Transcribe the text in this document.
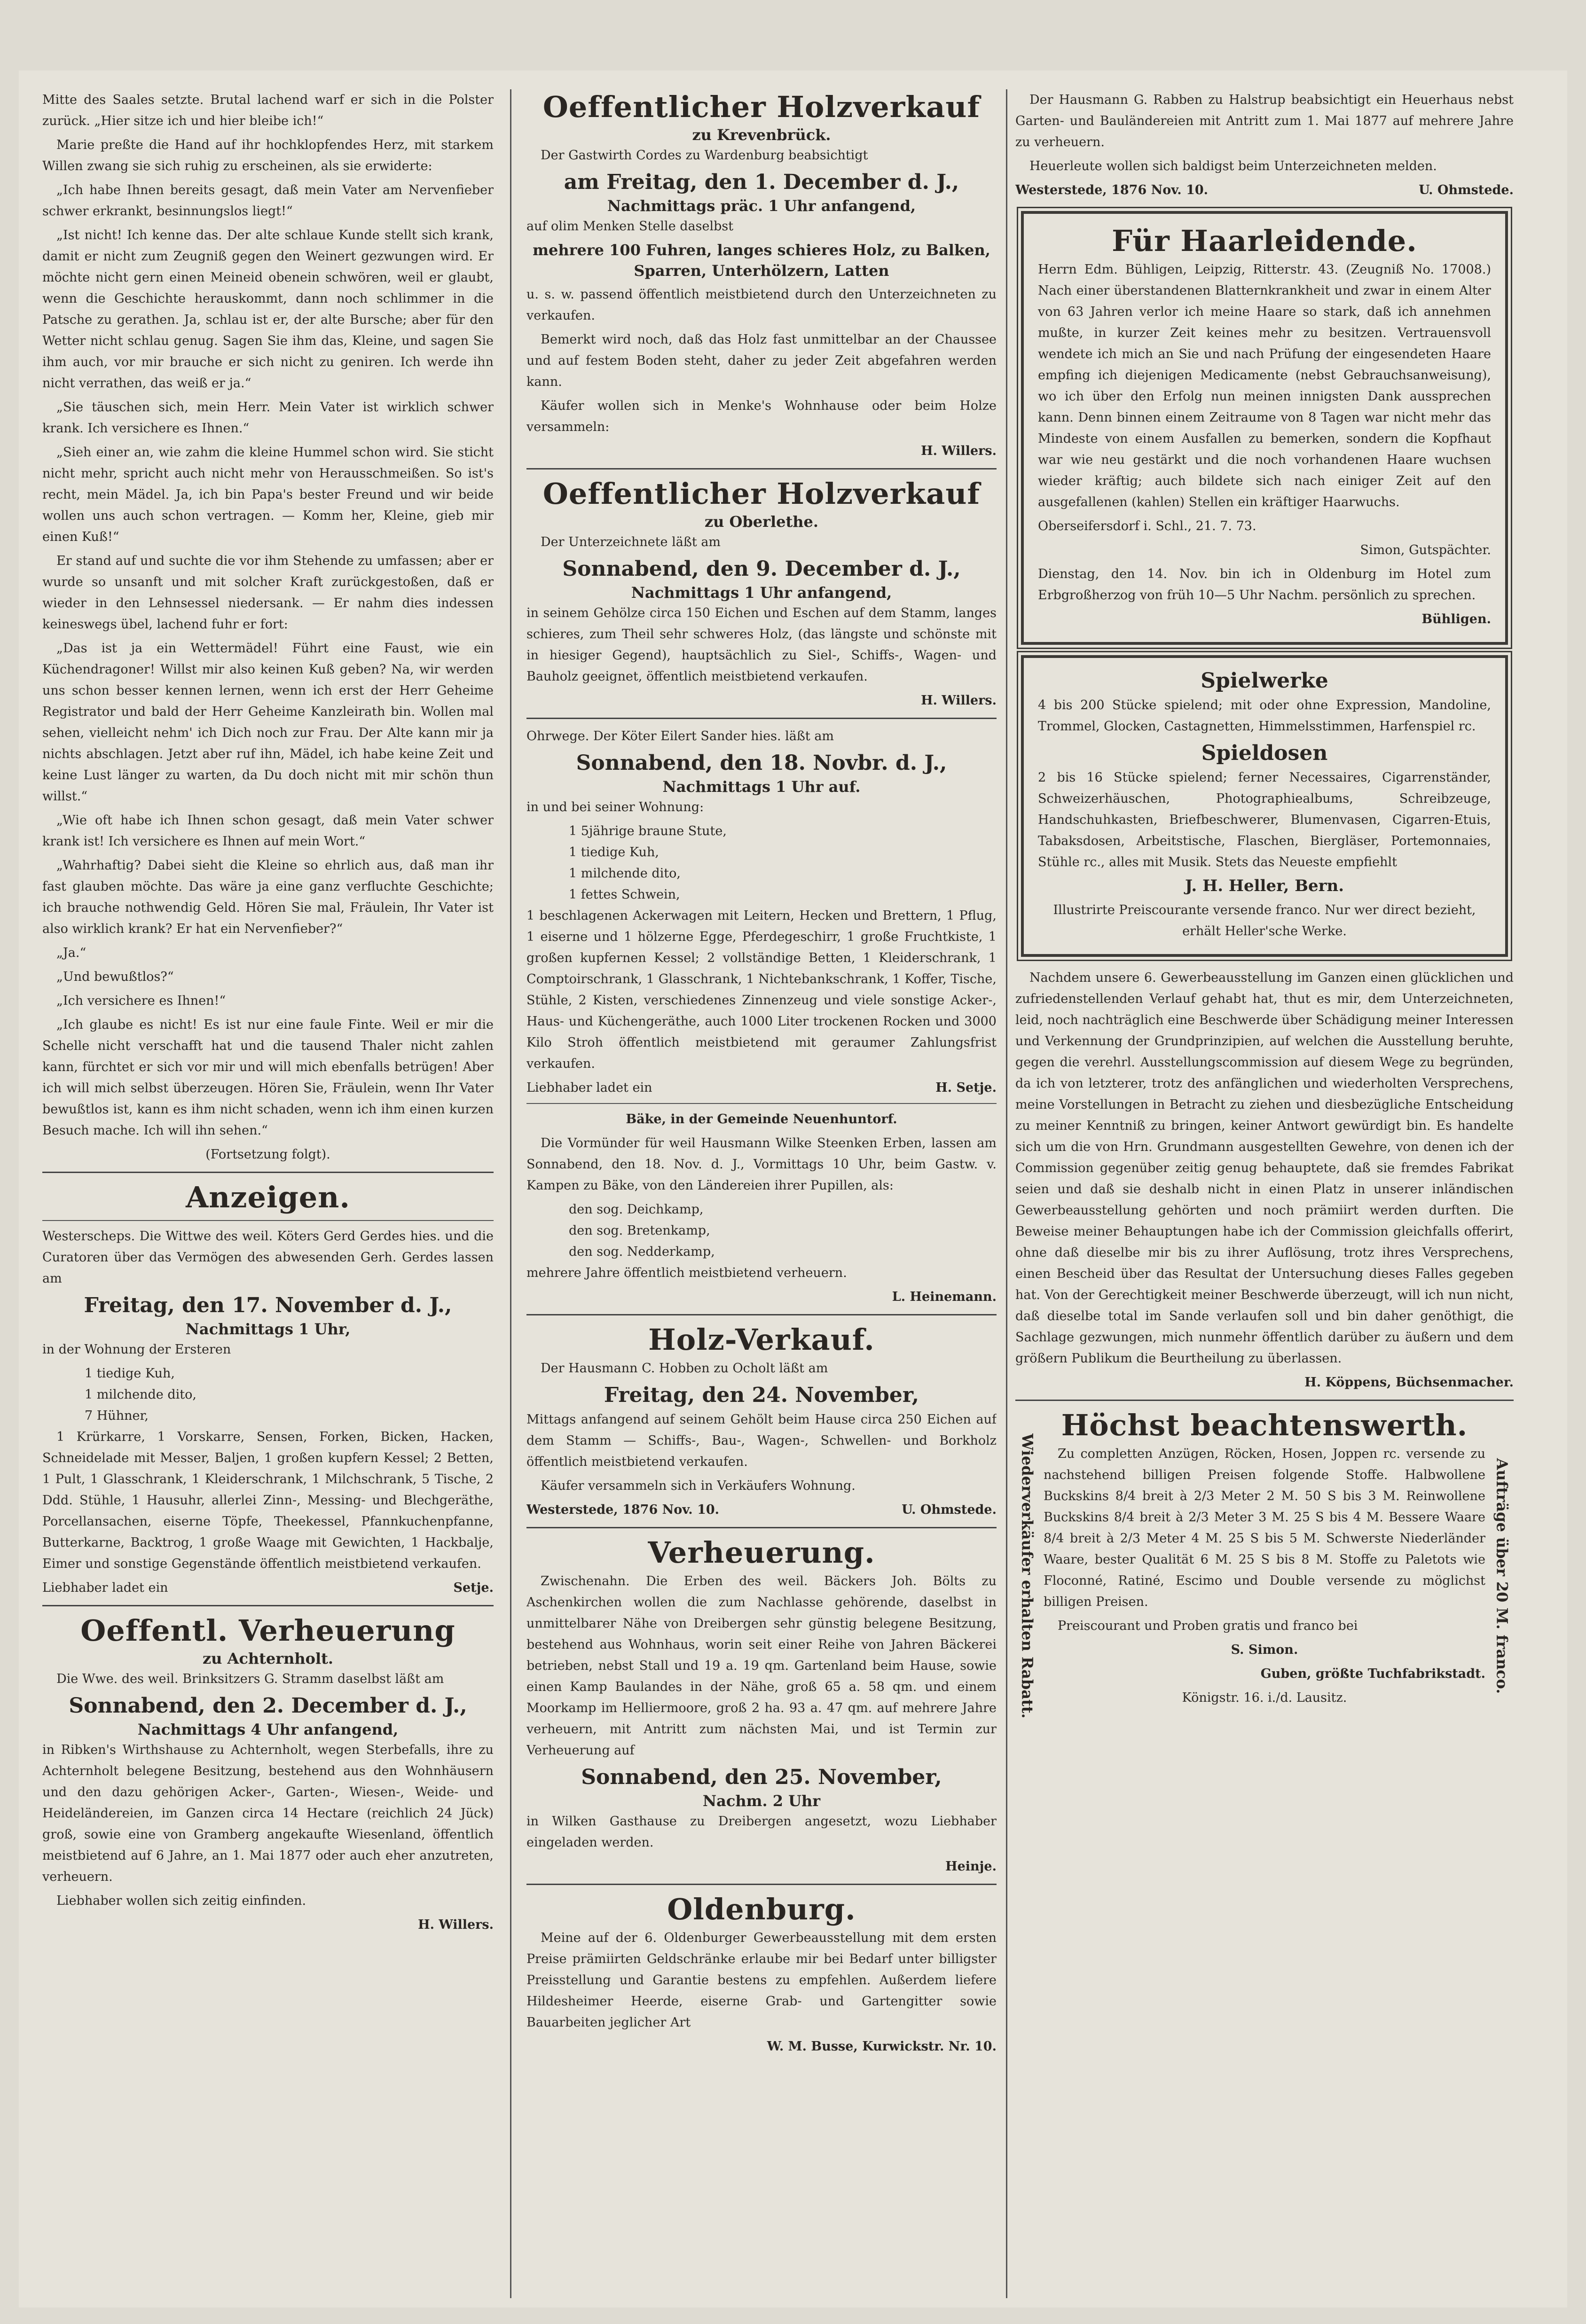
Mitte des Saales setzte. Brutal lachend warf er sich in die Polster zurück. „Hier sitze ich und hier bleibe ich!“

Marie preßte die Hand auf ihr hochklopfendes Herz, mit starkem Willen zwang sie sich ruhig zu erscheinen, als sie erwiderte:

„Ich habe Ihnen bereits gesagt, daß mein Vater am Nervenfieber schwer erkrankt, besinnungslos liegt!“

„Ist nicht! Ich kenne das. Der alte schlaue Kunde stellt sich krank, damit er nicht zum Zeugniß gegen den Weinert gezwungen wird. Er möchte nicht gern einen Meineid obenein schwören, weil er glaubt, wenn die Geschichte herauskommt, dann noch schlimmer in die Patsche zu gerathen. Ja, schlau ist er, der alte Bursche; aber für den Wetter nicht schlau genug. Sagen Sie ihm das, Kleine, und sagen Sie ihm auch, vor mir brauche er sich nicht zu geniren. Ich werde ihn nicht verrathen, das weiß er ja.“

„Sie täuschen sich, mein Herr. Mein Vater ist wirklich schwer krank. Ich versichere es Ihnen.“

„Sieh einer an, wie zahm die kleine Hummel schon wird. Sie sticht nicht mehr, spricht auch nicht mehr von Herausschmeißen. So ist's recht, mein Mädel. Ja, ich bin Papa's bester Freund und wir beide wollen uns auch schon vertragen. — Komm her, Kleine, gieb mir einen Kuß!“

Er stand auf und suchte die vor ihm Stehende zu umfassen; aber er wurde so unsanft und mit solcher Kraft zurückgestoßen, daß er wieder in den Lehnsessel niedersank. — Er nahm dies indessen keineswegs übel, lachend fuhr er fort:

„Das ist ja ein Wettermädel! Führt eine Faust, wie ein Küchendragoner! Willst mir also keinen Kuß geben? Na, wir werden uns schon besser kennen lernen, wenn ich erst der Herr Geheime Registrator und bald der Herr Geheime Kanzleirath bin. Wollen mal sehen, vielleicht nehm' ich Dich noch zur Frau. Der Alte kann mir ja nichts abschlagen. Jetzt aber ruf ihn, Mädel, ich habe keine Zeit und keine Lust länger zu warten, da Du doch nicht mit mir schön thun willst.“

„Wie oft habe ich Ihnen schon gesagt, daß mein Vater schwer krank ist! Ich versichere es Ihnen auf mein Wort.“

„Wahrhaftig? Dabei sieht die Kleine so ehrlich aus, daß man ihr fast glauben möchte. Das wäre ja eine ganz verfluchte Geschichte; ich brauche nothwendig Geld. Hören Sie mal, Fräulein, Ihr Vater ist also wirklich krank? Er hat ein Nervenfieber?“

„Ja.“

„Und bewußtlos?“

„Ich versichere es Ihnen!“

„Ich glaube es nicht! Es ist nur eine faule Finte. Weil er mir die Schelle nicht verschafft hat und die tausend Thaler nicht zahlen kann, fürchtet er sich vor mir und will mich ebenfalls betrügen! Aber ich will mich selbst überzeugen. Hören Sie, Fräulein, wenn Ihr Vater bewußtlos ist, kann es ihm nicht schaden, wenn ich ihm einen kurzen Besuch mache. Ich will ihn sehen.“

(Fortsetzung folgt).

Anzeigen.

Westerscheps. Die Wittwe des weil. Köters Gerd Gerdes hies. und die Curatoren über das Vermögen des abwesenden Gerh. Gerdes lassen am

Freitag, den 17. November d. J.,
Nachmittags 1 Uhr,

in der Wohnung der Ersteren

1 tiedige Kuh,

1 milchende dito,

7 Hühner,

1 Krürkarre, 1 Vorskarre, Sensen, Forken, Bicken, Hacken, Schneidelade mit Messer, Baljen, 1 großen kupfern Kessel; 2 Betten, 1 Pult, 1 Glasschrank, 1 Kleiderschrank, 1 Milchschrank, 5 Tische, 2 Ddd. Stühle, 1 Hausuhr, allerlei Zinn-, Messing- und Blechgeräthe, Porcellansachen, eiserne Töpfe, Theekessel, Pfannkuchenpfanne, Butterkarne, Backtrog, 1 große Waage mit Gewichten, 1 Hackbalje, Eimer und sonstige Gegenstände öffentlich meistbietend verkaufen.

Liebhaber ladet ein	Setje.

Oeffentl. Verheuerung
zu Achternholt.

Die Wwe. des weil. Brinksitzers G. Stramm daselbst läßt am

Sonnabend, den 2. December d. J.,
Nachmittags 4 Uhr anfangend,

in Ribken's Wirthshause zu Achternholt, wegen Sterbefalls, ihre zu Achternholt belegene Besitzung, bestehend aus den Wohnhäusern und den dazu gehörigen Acker-, Garten-, Wiesen-, Weide- und Heideländereien, im Ganzen circa 14 Hectare (reichlich 24 Jück) groß, sowie eine von Gramberg angekaufte Wiesenland, öffentlich meistbietend auf 6 Jahre, an 1. Mai 1877 oder auch eher anzutreten, verheuern.

Liebhaber wollen sich zeitig einfinden.

H. Willers.

Oeffentlicher Holzverkauf
zu Krevenbrück.

Der Gastwirth Cordes zu Wardenburg beabsichtigt

am Freitag, den 1. December d. J.,
Nachmittags präc. 1 Uhr anfangend,

auf olim Menken Stelle daselbst

mehrere 100 Fuhren, langes schieres Holz, zu Balken, Sparren, Unterhölzern, Latten

u. s. w. passend öffentlich meistbietend durch den Unterzeichneten zu verkaufen.

Bemerkt wird noch, daß das Holz fast unmittelbar an der Chaussee und auf festem Boden steht, daher zu jeder Zeit abgefahren werden kann.

Käufer wollen sich in Menke's Wohnhause oder beim Holze versammeln:

H. Willers.

Oeffentlicher Holzverkauf
zu Oberlethe.

Der Unterzeichnete läßt am

Sonnabend, den 9. December d. J.,
Nachmittags 1 Uhr anfangend,

in seinem Gehölze circa 150 Eichen und Eschen auf dem Stamm, langes schieres, zum Theil sehr schweres Holz, (das längste und schönste mit in hiesiger Gegend), hauptsächlich zu Siel-, Schiffs-, Wagen- und Bauholz geeignet, öffentlich meistbietend verkaufen.

H. Willers.

Ohrwege. Der Köter Eilert Sander hies. läßt am

Sonnabend, den 18. Novbr. d. J.,
Nachmittags 1 Uhr auf.

in und bei seiner Wohnung:

1 5jährige braune Stute,

1 tiedige Kuh,

1 milchende dito,

1 fettes Schwein,

1 beschlagenen Ackerwagen mit Leitern, Hecken und Brettern, 1 Pflug, 1 eiserne und 1 hölzerne Egge, Pferdegeschirr, 1 große Fruchtkiste, 1 großen kupfernen Kessel; 2 vollständige Betten, 1 Kleiderschrank, 1 Comptoirschrank, 1 Glasschrank, 1 Nichtebankschrank, 1 Koffer, Tische, Stühle, 2 Kisten, verschiedenes Zinnenzeug und viele sonstige Acker-, Haus- und Küchengeräthe, auch 1000 Liter trockenen Rocken und 3000 Kilo Stroh öffentlich meistbietend mit geraumer Zahlungsfrist verkaufen.

Liebhaber ladet ein	H. Setje.

Bäke, in der Gemeinde Neuenhuntorf.

Die Vormünder für weil Hausmann Wilke Steenken Erben, lassen am Sonnabend, den 18. Nov. d. J., Vormittags 10 Uhr, beim Gastw. v. Kampen zu Bäke, von den Ländereien ihrer Pupillen, als:

den sog. Deichkamp,

den sog. Bretenkamp,

den sog. Nedderkamp,

mehrere Jahre öffentlich meistbietend verheuern.

L. Heinemann.

Holz-Verkauf.

Der Hausmann C. Hobben zu Ocholt läßt am

Freitag, den 24. November,

Mittags anfangend auf seinem Gehölt beim Hause circa 250 Eichen auf dem Stamm — Schiffs-, Bau-, Wagen-, Schwellen- und Borkholz öffentlich meistbietend verkaufen.

Käufer versammeln sich in Verkäufers Wohnung.

Westerstede, 1876 Nov. 10.	U. Ohmstede.

Verheuerung.

Zwischenahn. Die Erben des weil. Bäckers Joh. Bölts zu Aschenkirchen wollen die zum Nachlasse gehörende, daselbst in unmittelbarer Nähe von Dreibergen sehr günstig belegene Besitzung, bestehend aus Wohnhaus, worin seit einer Reihe von Jahren Bäckerei betrieben, nebst Stall und 19 a. 19 qm. Gartenland beim Hause, sowie einen Kamp Baulandes in der Nähe, groß 65 a. 58 qm. und einem Moorkamp im Helliermoore, groß 2 ha. 93 a. 47 qm. auf mehrere Jahre verheuern, mit Antritt zum nächsten Mai, und ist Termin zur Verheuerung auf

Sonnabend, den 25. November,
Nachm. 2 Uhr

in Wilken Gasthause zu Dreibergen angesetzt, wozu Liebhaber eingeladen werden.

Heinje.

Oldenburg.

Meine auf der 6. Oldenburger Gewerbeausstellung mit dem ersten Preise prämiirten Geldschränke erlaube mir bei Bedarf unter billigster Preisstellung und Garantie bestens zu empfehlen. Außerdem liefere Hildesheimer Heerde, eiserne Grab- und Gartengitter sowie Bauarbeiten jeglicher Art

W. M. Busse, Kurwickstr. Nr. 10.

Der Hausmann G. Rabben zu Halstrup beabsichtigt ein Heuerhaus nebst Garten- und Bauländereien mit Antritt zum 1. Mai 1877 auf mehrere Jahre zu verheuern.

Heuerleute wollen sich baldigst beim Unterzeichneten melden.

Westerstede, 1876 Nov. 10.	U. Ohmstede.

Für Haarleidende.

Herrn Edm. Bühligen, Leipzig, Ritterstr. 43. (Zeugniß No. 17008.) Nach einer überstandenen Blatternkrankheit und zwar in einem Alter von 63 Jahren verlor ich meine Haare so stark, daß ich annehmen mußte, in kurzer Zeit keines mehr zu besitzen. Vertrauensvoll wendete ich mich an Sie und nach Prüfung der eingesendeten Haare empfing ich diejenigen Medicamente (nebst Gebrauchsanweisung), wo ich über den Erfolg nun meinen innigsten Dank aussprechen kann. Denn binnen einem Zeitraume von 8 Tagen war nicht mehr das Mindeste von einem Ausfallen zu bemerken, sondern die Kopfhaut war wie neu gestärkt und die noch vorhandenen Haare wuchsen wieder kräftig; auch bildete sich nach einiger Zeit auf den ausgefallenen (kahlen) Stellen ein kräftiger Haarwuchs.

Oberseifersdorf i. Schl., 21. 7. 73.

Simon, Gutspächter.

Dienstag, den 14. Nov. bin ich in Oldenburg im Hotel zum Erbgroßherzog von früh 10—5 Uhr Nachm. persönlich zu sprechen.

Bühligen.

Spielwerke

4 bis 200 Stücke spielend; mit oder ohne Expression, Mandoline, Trommel, Glocken, Castagnetten, Himmelsstimmen, Harfenspiel rc.

Spieldosen

2 bis 16 Stücke spielend; ferner Necessaires, Cigarrenständer, Schweizerhäuschen, Photographiealbums, Schreibzeuge, Handschuhkasten, Briefbeschwerer, Blumenvasen, Cigarren-Etuis, Tabaksdosen, Arbeitstische, Flaschen, Biergläser, Portemonnaies, Stühle rc., alles mit Musik. Stets das Neueste empfiehlt

J. H. Heller, Bern.

Illustrirte Preiscourante versende franco. Nur wer direct bezieht, erhält Heller'sche Werke.

Nachdem unsere 6. Gewerbeausstellung im Ganzen einen glücklichen und zufriedenstellenden Verlauf gehabt hat, thut es mir, dem Unterzeichneten, leid, noch nachträglich eine Beschwerde über Schädigung meiner Interessen und Verkennung der Grundprinzipien, auf welchen die Ausstellung beruhte, gegen die verehrl. Ausstellungscommission auf diesem Wege zu begründen, da ich von letzterer, trotz des anfänglichen und wiederholten Versprechens, meine Vorstellungen in Betracht zu ziehen und diesbezügliche Entscheidung zu meiner Kenntniß zu bringen, keiner Antwort gewürdigt bin. Es handelte sich um die von Hrn. Grundmann ausgestellten Gewehre, von denen ich der Commission gegenüber zeitig genug behauptete, daß sie fremdes Fabrikat seien und daß sie deshalb nicht in einen Platz in unserer inländischen Gewerbeausstellung gehörten und noch prämiirt werden durften. Die Beweise meiner Behauptungen habe ich der Commission gleichfalls offerirt, ohne daß dieselbe mir bis zu ihrer Auflösung, trotz ihres Versprechens, einen Bescheid über das Resultat der Untersuchung dieses Falles gegeben hat. Von der Gerechtigkeit meiner Beschwerde überzeugt, will ich nun nicht, daß dieselbe total im Sande verlaufen soll und bin daher genöthigt, die Sachlage gezwungen, mich nunmehr öffentlich darüber zu äußern und dem größern Publikum die Beurtheilung zu überlassen.

H. Köppens, Büchsenmacher.

Höchst beachtenswerth.
Wiederverkäufer erhalten Rabatt.	Aufträge über 20 M. franco.

Zu completten Anzügen, Röcken, Hosen, Joppen rc. versende zu nachstehend billigen Preisen folgende Stoffe. Halbwollene Buckskins 8/4 breit à 2/3 Meter 2 M. 50 S bis 3 M. Reinwollene Buckskins 8/4 breit à 2/3 Meter 3 M. 25 S bis 4 M. Bessere Waare 8/4 breit à 2/3 Meter 4 M. 25 S bis 5 M. Schwerste Niederländer Waare, bester Qualität 6 M. 25 S bis 8 M. Stoffe zu Paletots wie Floconné, Ratiné, Escimo und Double versende zu möglichst billigen Preisen.

Preiscourant und Proben gratis und franco bei

S. Simon.

Guben, größte Tuchfabrikstadt.

Königstr. 16. i./d. Lausitz.
